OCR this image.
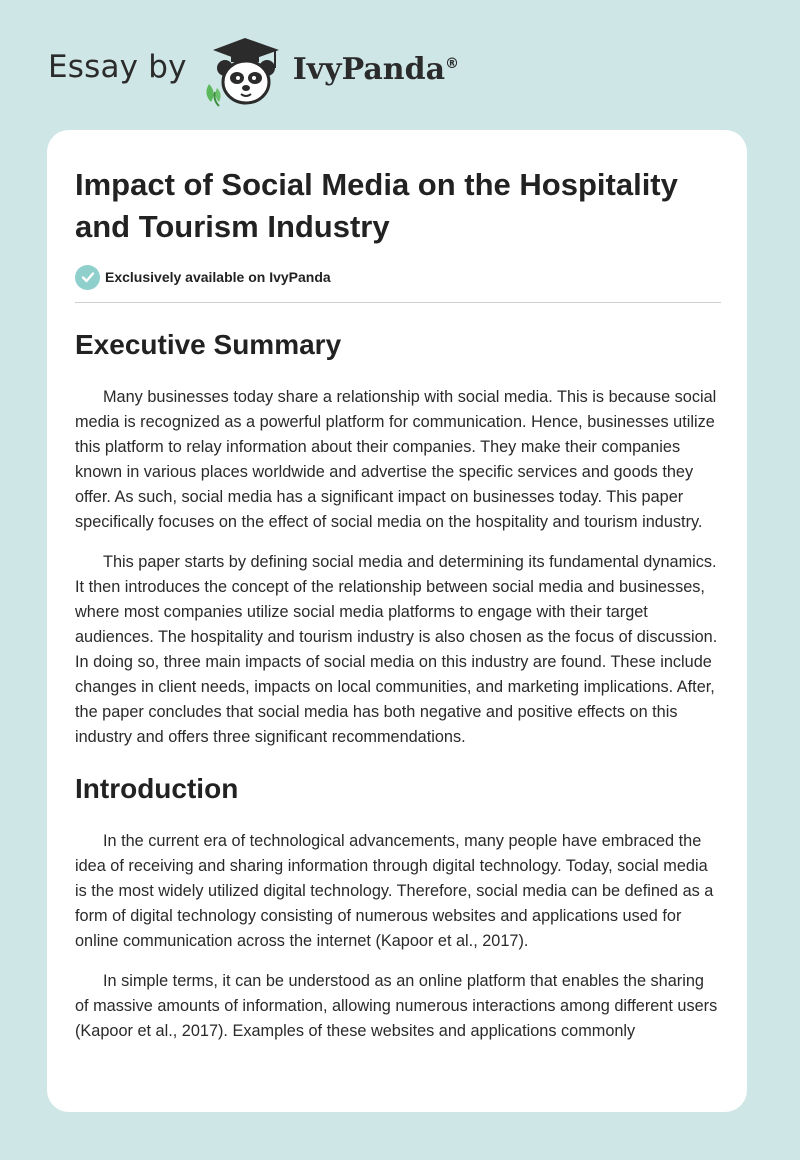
Essay by	IvyPanda®
Impact of Social Media on the Hospitality and Tourism Industry
Exclusively available on IvyPanda
Executive Summary

Many businesses today share a relationship with social media. This is because social media is recognized as a powerful platform for communication. Hence, businesses utilize this platform to relay information about their companies. They make their companies known in various places worldwide and advertise the specific services and goods they offer. As such, social media has a significant impact on businesses today. This paper specifically focuses on the effect of social media on the hospitality and tourism industry.

This paper starts by defining social media and determining its fundamental dynamics. It then introduces the concept of the relationship between social media and businesses, where most companies utilize social media platforms to engage with their target audiences. The hospitality and tourism industry is also chosen as the focus of discussion. In doing so, three main impacts of social media on this industry are found. These include changes in client needs, impacts on local communities, and marketing implications. After, the paper concludes that social media has both negative and positive effects on this industry and offers three significant recommendations.

Introduction

In the current era of technological advancements, many people have embraced the idea of receiving and sharing information through digital technology. Today, social media is the most widely utilized digital technology. Therefore, social media can be defined as a form of digital technology consisting of numerous websites and applications used for online communication across the internet (Kapoor et al., 2017).

In simple terms, it can be understood as an online platform that enables the sharing of massive amounts of information, allowing numerous interactions among different users (Kapoor et al., 2017). Examples of these websites and applications commonly
